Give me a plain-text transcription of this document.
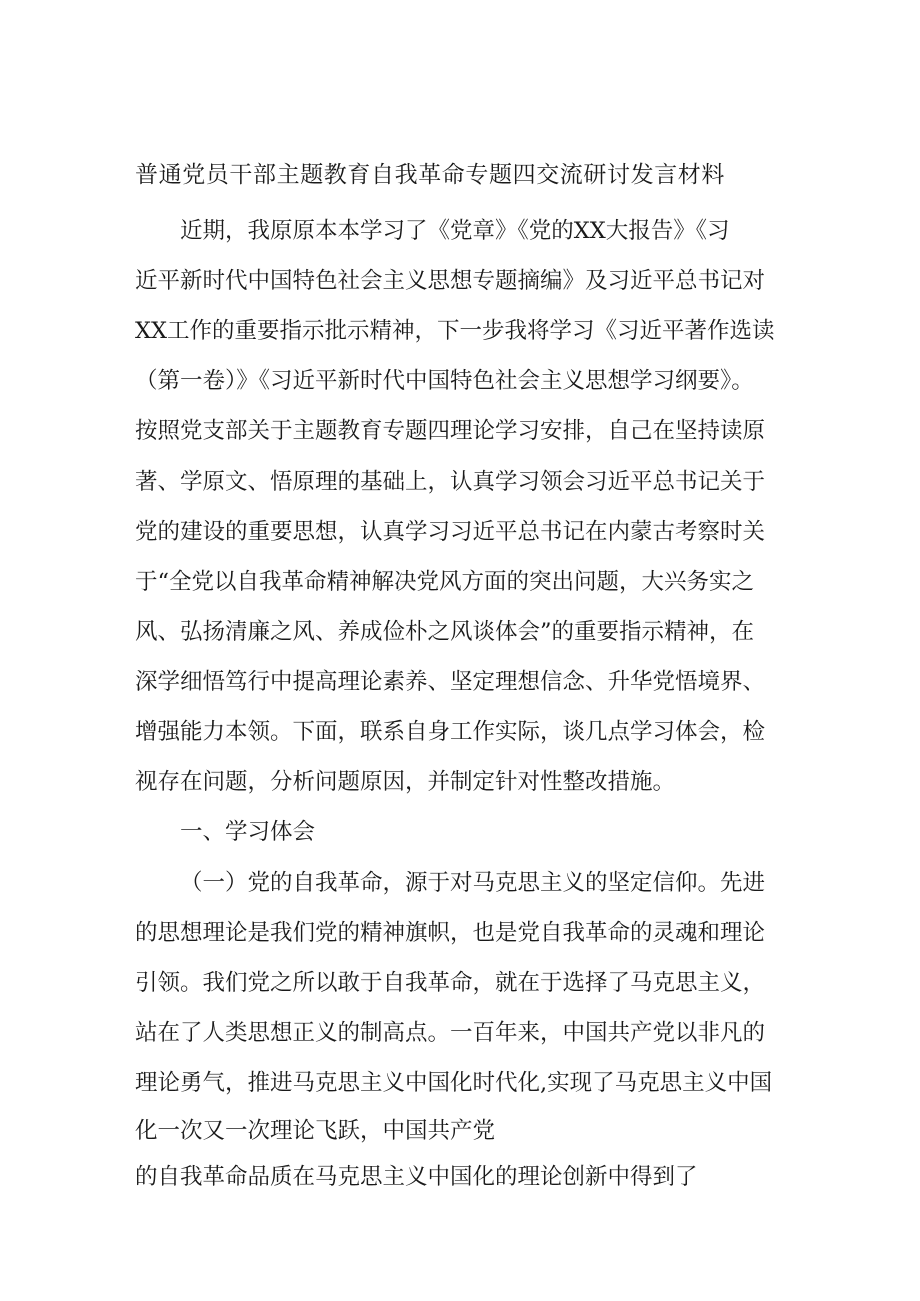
普通党员干部主题教育自我革命专题四交流研讨发言材料
近期，我原原本本学习了《党章》《党的XX大报告》《习
近平新时代中国特色社会主义思想专题摘编》及习近平总书记对
XX工作的重要指示批示精神，下一步我将学习《习近平著作选读
（第一卷）》《习近平新时代中国特色社会主义思想学习纲要》。
按照党支部关于主题教育专题四理论学习安排，自己在坚持读原
著、学原文、悟原理的基础上，认真学习领会习近平总书记关于
党的建设的重要思想，认真学习习近平总书记在内蒙古考察时关
于“全党以自我革命精神解决党风方面的突出问题，大兴务实之
风、弘扬清廉之风、养成俭朴之风谈体会”的重要指示精神，在
深学细悟笃行中提高理论素养、坚定理想信念、升华党悟境界、
增强能力本领。下面，联系自身工作实际，谈几点学习体会，检
视存在问题，分析问题原因，并制定针对性整改措施。
一、学习体会
（一）党的自我革命，源于对马克思主义的坚定信仰。先进
的思想理论是我们党的精神旗帜，也是党自我革命的灵魂和理论
引领。我们党之所以敢于自我革命，就在于选择了马克思主义，
站在了人类思想正义的制高点。一百年来，中国共产党以非凡的
理论勇气，推进马克思主义中国化时代化,实现了马克思主义中国
化一次又一次理论飞跃，中国共产党
的自我革命品质在马克思主义中国化的理论创新中得到了
